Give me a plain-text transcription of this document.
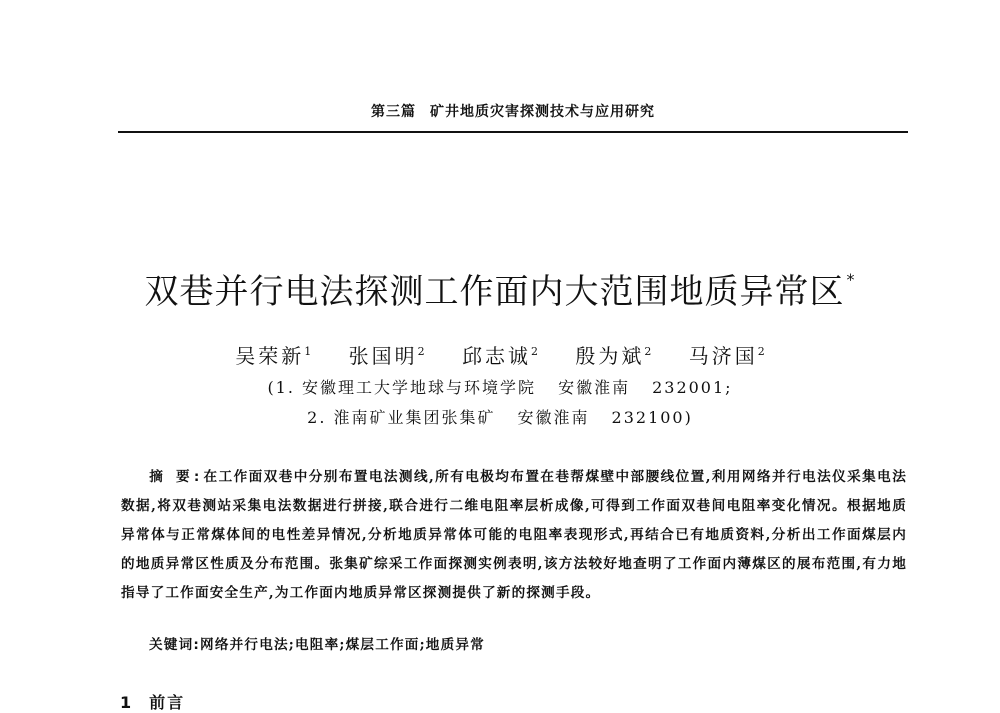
第三篇 矿井地质灾害探测技术与应用研究
双巷并行电法探测工作面内大范围地质异常区 *
吴荣新$^1$ 张国明$^2$ 邱志诚$^2$ 殷为斌$^2$ 马济国$^2$
(1. 安徽理工大学地球与环境学院 安徽淮南 232001;
2. 淮南矿业集团张集矿 安徽淮南 232100)
摘 要:在工作面双巷中分别布置电法测线,所有电极均布置在巷帮煤壁中部腰线位置,利用网络并行电法仪采集电法数据,将双巷测站采集电法数据进行拼接,联合进行二维电阻率层析成像,可得到工作面双巷间电阻率变化情况。根据地质异常体与正常煤体间的电性差异情况,分析地质异常体可能的电阻率表现形式,再结合已有地质资料,分析出工作面煤层内的地质异常区性质及分布范围。张集矿综采工作面探测实例表明,该方法较好地查明了工作面内薄煤区的展布范围,有力地指导了工作面安全生产,为工作面内地质异常区探测提供了新的探测手段。
关键词:网络并行电法;电阻率;煤层工作面;地质异常
1 前言
